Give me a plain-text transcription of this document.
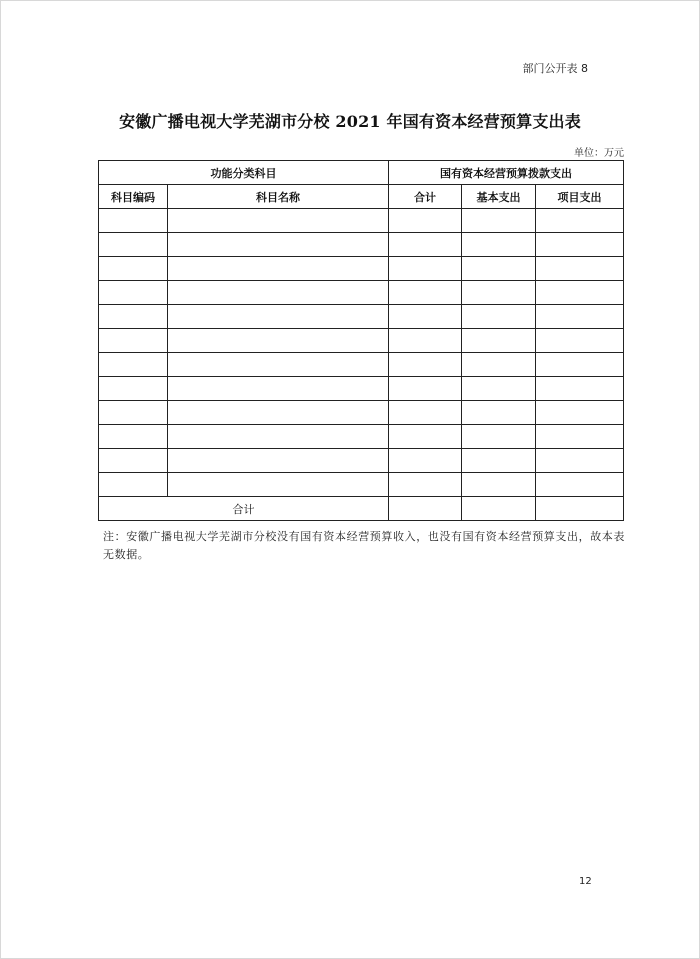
部门公开表 8
安徽广播电视大学芜湖市分校 2021 年国有资本经营预算支出表
单位：万元
功能分类科目		国有资本经营预算拨款支出		
科目编码	科目名称	合计	基本支出	项目支出

合计				
注：安徽广播电视大学芜湖市分校没有国有资本经营预算收入，也没有国有资本经营预算支出，故本表无数据。
12
